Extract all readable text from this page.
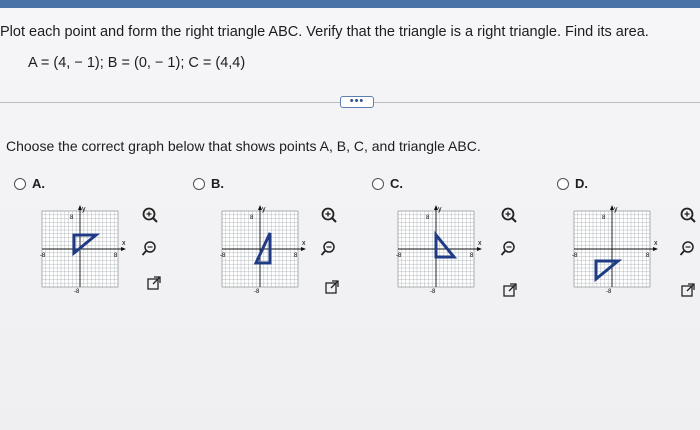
Plot each point and form the right triangle ABC. Verify that the triangle is a right triangle. Find its area.
A = (4, − 1); B = (0, − 1); C = (4,4)
•••
Choose the correct graph below that shows points A, B, C, and triangle ABC.
A.	B.	C.	D.
y
x
8
8
-8
-8
y
x
8
8
-8
-8
y
x
8
8
-8
-8
y
x
8
8
-8
-8
